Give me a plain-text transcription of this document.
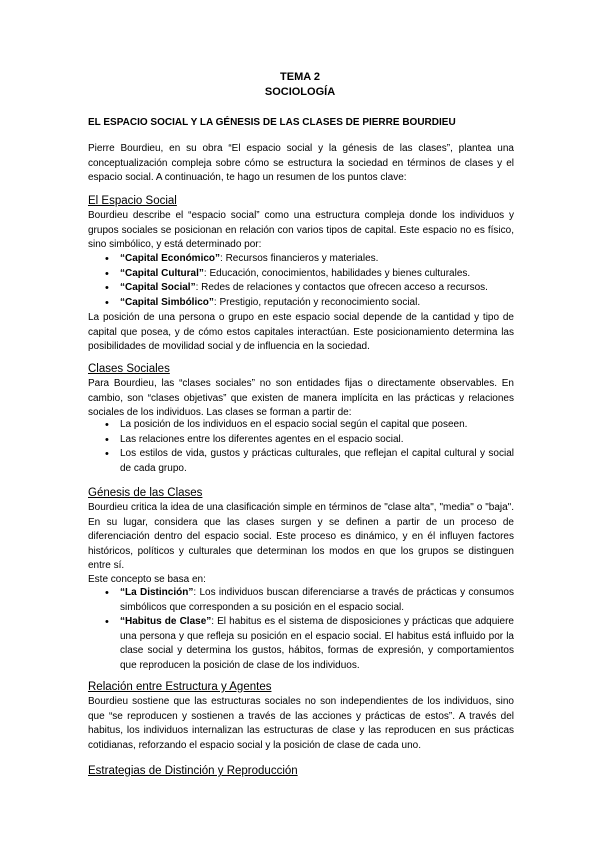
TEMA 2
SOCIOLOGÍA
EL ESPACIO SOCIAL Y LA GÉNESIS DE LAS CLASES DE PIERRE BOURDIEU

Pierre Bourdieu, en su obra “El espacio social y la génesis de las clases”, plantea una conceptualización compleja sobre cómo se estructura la sociedad en términos de clases y el espacio social. A continuación, te hago un resumen de los puntos clave:

El Espacio Social

Bourdieu describe el “espacio social” como una estructura compleja donde los individuos y grupos sociales se posicionan en relación con varios tipos de capital. Este espacio no es físico, sino simbólico, y está determinado por:

• “Capital Económico”: Recursos financieros y materiales.
• “Capital Cultural”: Educación, conocimientos, habilidades y bienes culturales.
• “Capital Social”: Redes de relaciones y contactos que ofrecen acceso a recursos.
• “Capital Simbólico”: Prestigio, reputación y reconocimiento social.

La posición de una persona o grupo en este espacio social depende de la cantidad y tipo de capital que posea, y de cómo estos capitales interactúan. Este posicionamiento determina las posibilidades de movilidad social y de influencia en la sociedad.

Clases Sociales

Para Bourdieu, las “clases sociales” no son entidades fijas o directamente observables. En cambio, son “clases objetivas” que existen de manera implícita en las prácticas y relaciones sociales de los individuos. Las clases se forman a partir de:

• La posición de los individuos en el espacio social según el capital que poseen.
• Las relaciones entre los diferentes agentes en el espacio social.
• Los estilos de vida, gustos y prácticas culturales, que reflejan el capital cultural y social de cada grupo.
Génesis de las Clases

Bourdieu critica la idea de una clasificación simple en términos de "clase alta", "media" o "baja". En su lugar, considera que las clases surgen y se definen a partir de un proceso de diferenciación dentro del espacio social. Este proceso es dinámico, y en él influyen factores históricos, políticos y culturales que determinan los modos en que los grupos se distinguen entre sí.

Este concepto se basa en:

• “La Distinción”: Los individuos buscan diferenciarse a través de prácticas y consumos simbólicos que corresponden a su posición en el espacio social.
• “Habitus de Clase”: El habitus es el sistema de disposiciones y prácticas que adquiere una persona y que refleja su posición en el espacio social. El habitus está influido por la clase social y determina los gustos, hábitos, formas de expresión, y comportamientos que reproducen la posición de clase de los individuos.
Relación entre Estructura y Agentes

Bourdieu sostiene que las estructuras sociales no son independientes de los individuos, sino que “se reproducen y sostienen a través de las acciones y prácticas de estos”. A través del habitus, los individuos internalizan las estructuras de clase y las reproducen en sus prácticas cotidianas, reforzando el espacio social y la posición de clase de cada uno.

Estrategias de Distinción y Reproducción
